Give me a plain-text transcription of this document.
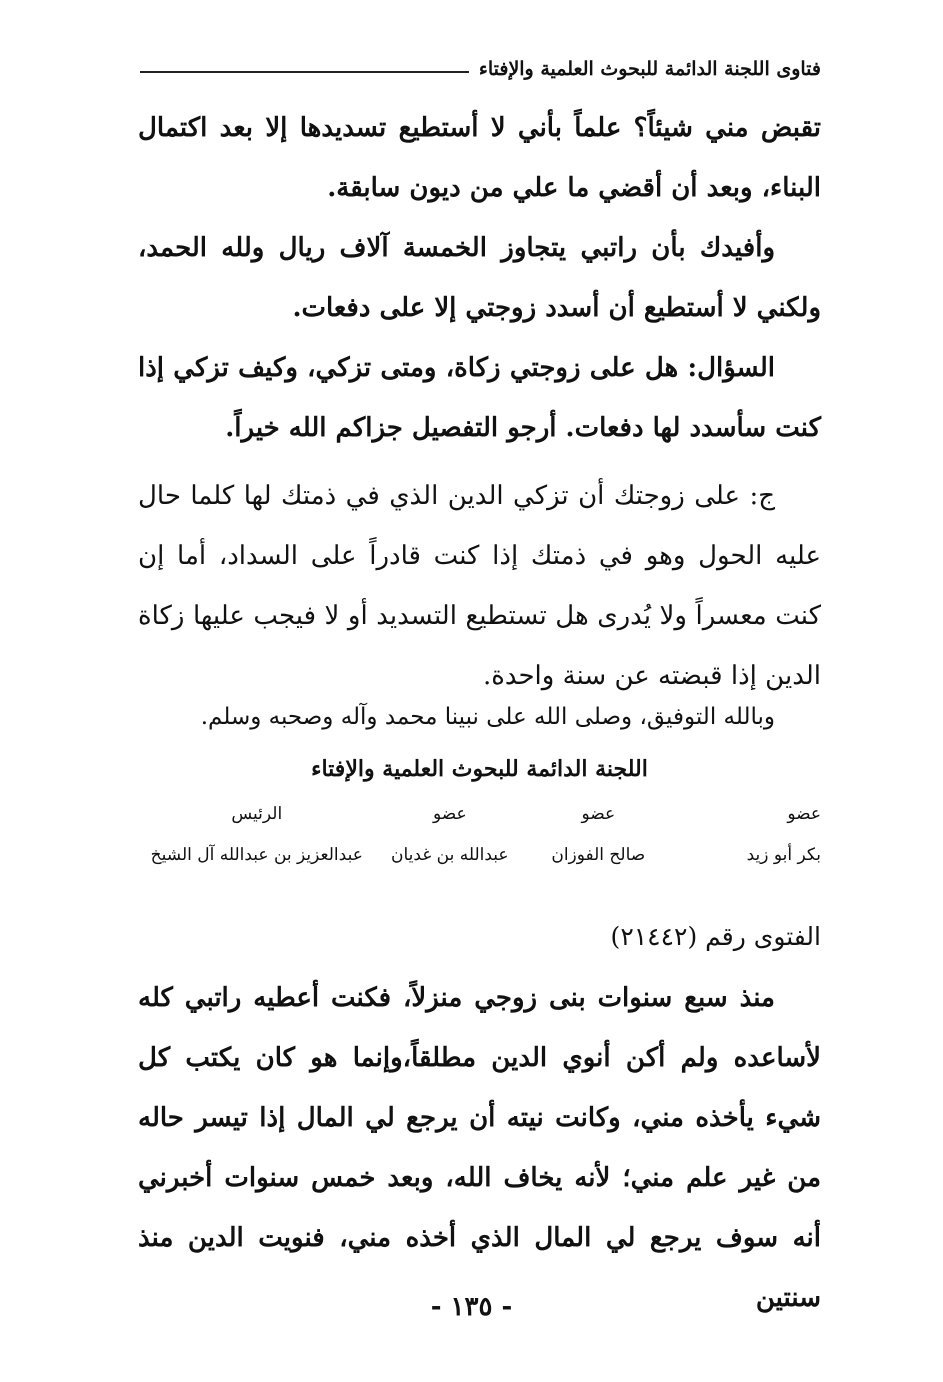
فتاوى اللجنة الدائمة للبحوث العلمية والإفتاء
تقبض مني شيئاً؟ علماً بأني لا أستطيع تسديدها إلا بعد اكتمال البناء، وبعد أن أقضي ما علي من ديون سابقة.
وأفيدك بأن راتبي يتجاوز الخمسة آلاف ريال ولله الحمد، ولكني لا أستطيع أن أسدد زوجتي إلا على دفعات.
السؤال: هل على زوجتي زكاة، ومتى تزكي، وكيف تزكي إذا كنت سأسدد لها دفعات. أرجو التفصيل جزاكم الله خيراً.
ج: على زوجتك أن تزكي الدين الذي في ذمتك لها كلما حال عليه الحول وهو في ذمتك إذا كنت قادراً على السداد، أما إن كنت معسراً ولا يُدرى هل تستطيع التسديد أو لا فيجب عليها زكاة الدين إذا قبضته عن سنة واحدة.
وبالله التوفيق، وصلى الله على نبينا محمد وآله وصحبه وسلم.
اللجنة الدائمة للبحوث العلمية والإفتاء
عضو
عضو
عضو
الرئيس
بكر أبو زيد
صالح الفوزان
عبدالله بن غديان
عبدالعزيز بن عبدالله آل الشيخ
الفتوى رقم (٢١٤٤٢)
منذ سبع سنوات بنى زوجي منزلاً، فكنت أعطيه راتبي كله لأساعده ولم أكن أنوي الدين مطلقاً،وإنما هو كان يكتب كل شيء يأخذه مني، وكانت نيته أن يرجع لي المال إذا تيسر حاله من غير علم مني؛ لأنه يخاف الله، وبعد خمس سنوات أخبرني أنه سوف يرجع لي المال الذي أخذه مني، فنويت الدين منذ سنتين
- ١٣٥ -
